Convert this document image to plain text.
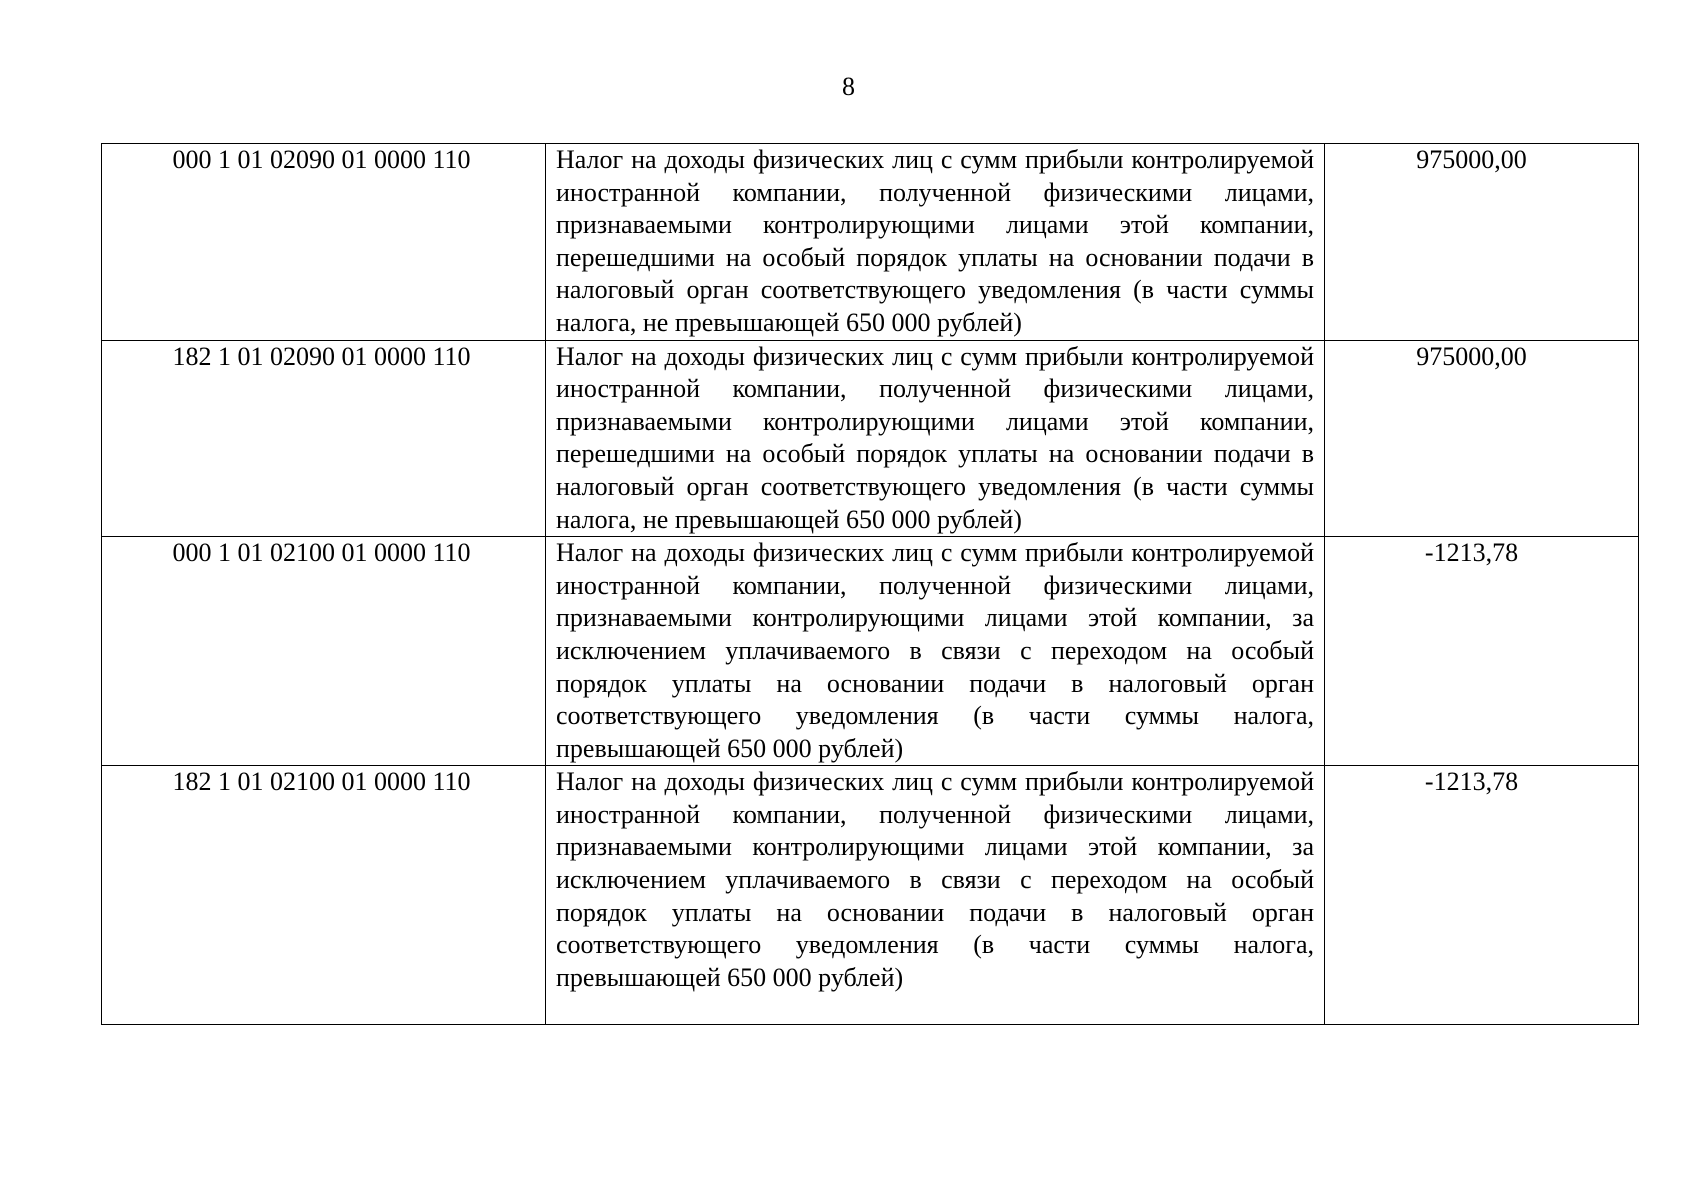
8
000 1 01 02090 01 0000 110	Налог на доходы физических лиц с сумм прибыли контролируемой иностранной компании, полученной физическими лицами, признаваемыми контролирующими лицами этой компании, перешедшими на особый порядок уплаты на основании подачи в налоговый орган соответствующего уведомления (в части суммы налога, не превышающей 650 000 рублей)	975000,00

182 1 01 02090 01 0000 110	Налог на доходы физических лиц с сумм прибыли контролируемой иностранной компании, полученной физическими лицами, признаваемыми контролирующими лицами этой компании, перешедшими на особый порядок уплаты на основании подачи в налоговый орган соответствующего уведомления (в части суммы налога, не превышающей 650 000 рублей)	975000,00

000 1 01 02100 01 0000 110	Налог на доходы физических лиц с сумм прибыли контролируемой иностранной компании, полученной физическими лицами, признаваемыми контролирующими лицами этой компании, за исключением уплачиваемого в связи с переходом на особый порядок уплаты на основании подачи в налоговый орган соответствующего уведомления (в части суммы налога, превышающей 650 000 рублей)	-1213,78

182 1 01 02100 01 0000 110	Налог на доходы физических лиц с сумм прибыли контролируемой иностранной компании, полученной физическими лицами, признаваемыми контролирующими лицами этой компании, за исключением уплачиваемого в связи с переходом на особый порядок уплаты на основании подачи в налоговый орган соответствующего уведомления (в части суммы налога, превышающей 650 000 рублей)	-1213,78
